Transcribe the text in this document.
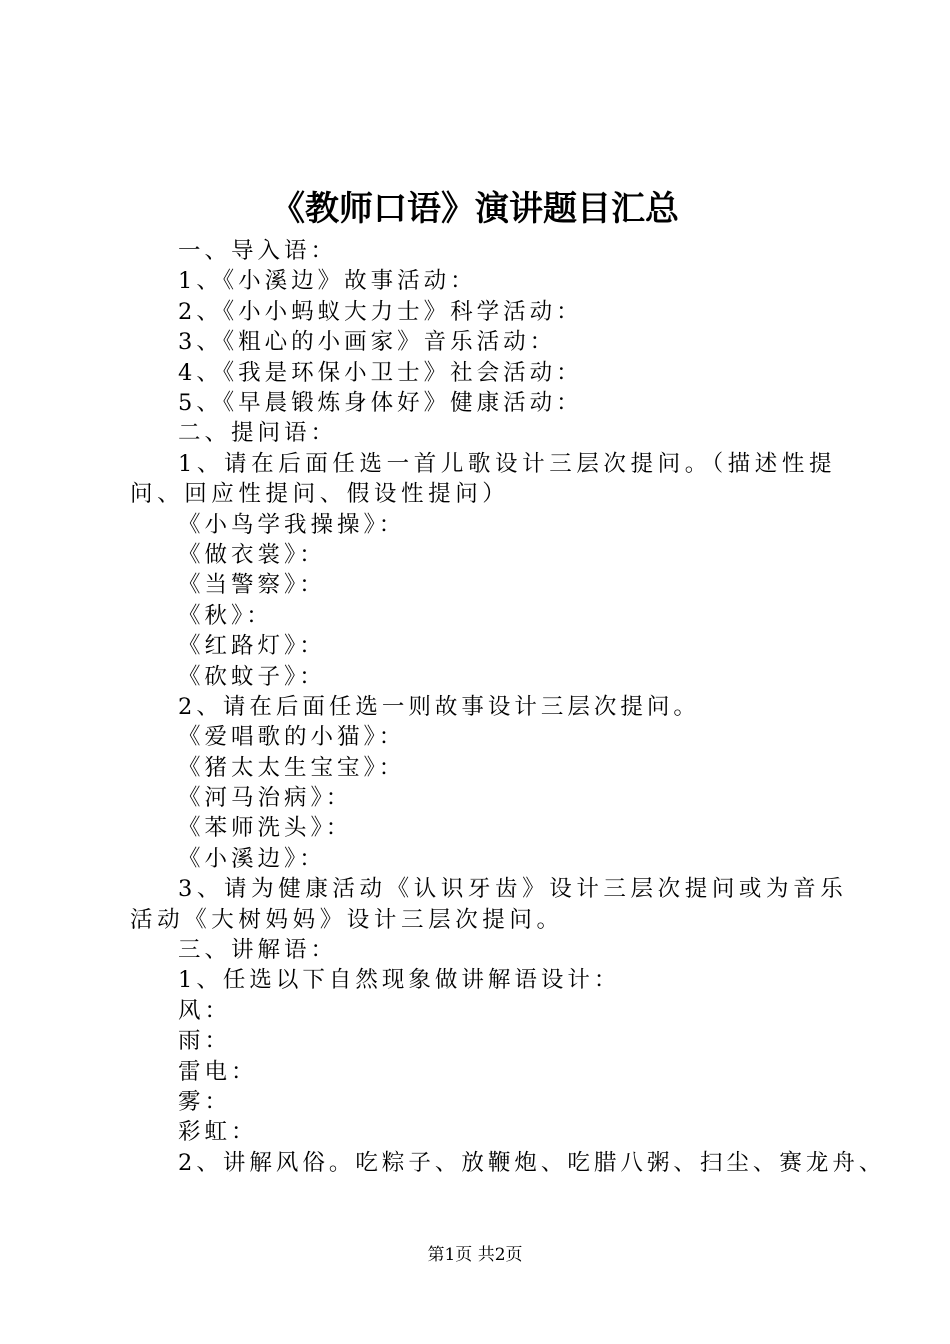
《教师口语》演讲题目汇总
一、导入语：
1、《小溪边》故事活动：
2、《小小蚂蚁大力士》科学活动：
3、《粗心的小画家》音乐活动：
4、《我是环保小卫士》社会活动：
5、《早晨锻炼身体好》健康活动：
二、提问语：
1、请在后面任选一首儿歌设计三层次提问。（描述性提问、回应性提问、假设性提问）
《小鸟学我操操》：
《做衣裳》：
《当警察》：
《秋》：
《红路灯》：
《砍蚊子》：
2、请在后面任选一则故事设计三层次提问。
《爱唱歌的小猫》：
《猪太太生宝宝》：
《河马治病》：
《苯师洗头》：
《小溪边》：
3、请为健康活动《认识牙齿》设计三层次提问或为音乐活动《大树妈妈》设计三层次提问。
三、讲解语：
1、任选以下自然现象做讲解语设计：
风：
雨：
雷电：
雾：
彩虹：
2、讲解风俗。吃粽子、放鞭炮、吃腊八粥、扫尘、赛龙舟、
第1页 共2页
